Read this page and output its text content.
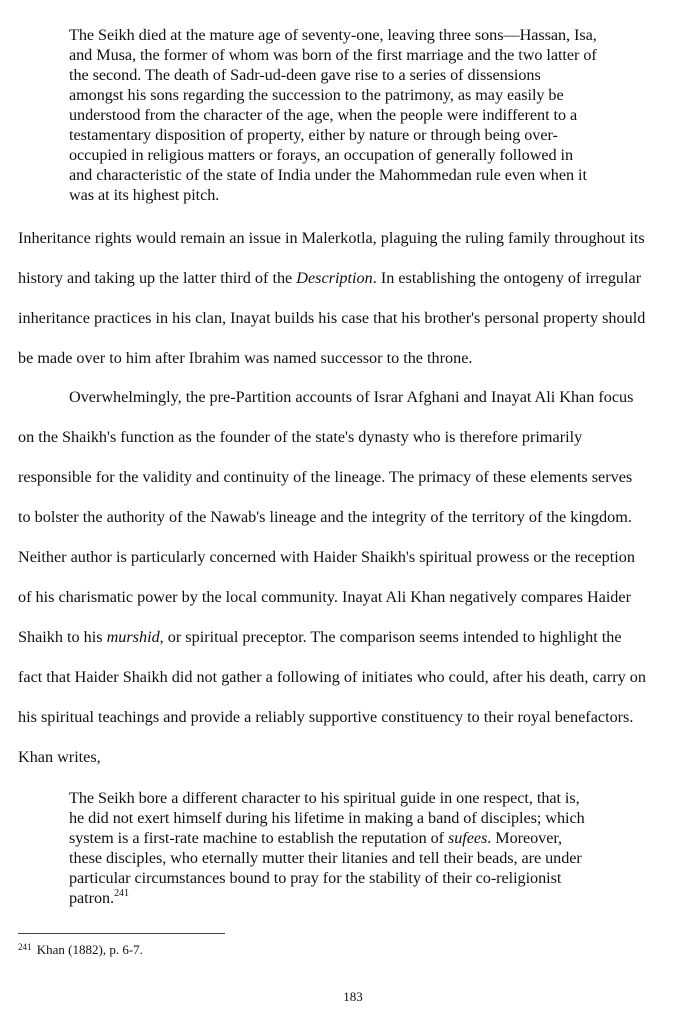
The Seikh died at the mature age of seventy-one, leaving three sons—Hassan, Isa,
and Musa, the former of whom was born of the first marriage and the two latter of
the second. The death of Sadr-ud-deen gave rise to a series of dissensions
amongst his sons regarding the succession to the patrimony, as may easily be
understood from the character of the age, when the people were indifferent to a
testamentary disposition of property, either by nature or through being over-
occupied in religious matters or forays, an occupation of generally followed in
and characteristic of the state of India under the Mahommedan rule even when it
was at its highest pitch.
Inheritance rights would remain an issue in Malerkotla, plaguing the ruling family throughout its
history and taking up the latter third of the Description. In establishing the ontogeny of irregular
inheritance practices in his clan, Inayat builds his case that his brother's personal property should
be made over to him after Ibrahim was named successor to the throne.
Overwhelmingly, the pre-Partition accounts of Israr Afghani and Inayat Ali Khan focus
on the Shaikh's function as the founder of the state's dynasty who is therefore primarily
responsible for the validity and continuity of the lineage. The primacy of these elements serves
to bolster the authority of the Nawab's lineage and the integrity of the territory of the kingdom.
Neither author is particularly concerned with Haider Shaikh's spiritual prowess or the reception
of his charismatic power by the local community. Inayat Ali Khan negatively compares Haider
Shaikh to his murshid, or spiritual preceptor. The comparison seems intended to highlight the
fact that Haider Shaikh did not gather a following of initiates who could, after his death, carry on
his spiritual teachings and provide a reliably supportive constituency to their royal benefactors.
Khan writes,
The Seikh bore a different character to his spiritual guide in one respect, that is,
he did not exert himself during his lifetime in making a band of disciples; which
system is a first-rate machine to establish the reputation of sufees. Moreover,
these disciples, who eternally mutter their litanies and tell their beads, are under
particular circumstances bound to pray for the stability of their co-religionist
patron.$^{241}$
$^{241}$ Khan (1882), p. 6-7.
183
